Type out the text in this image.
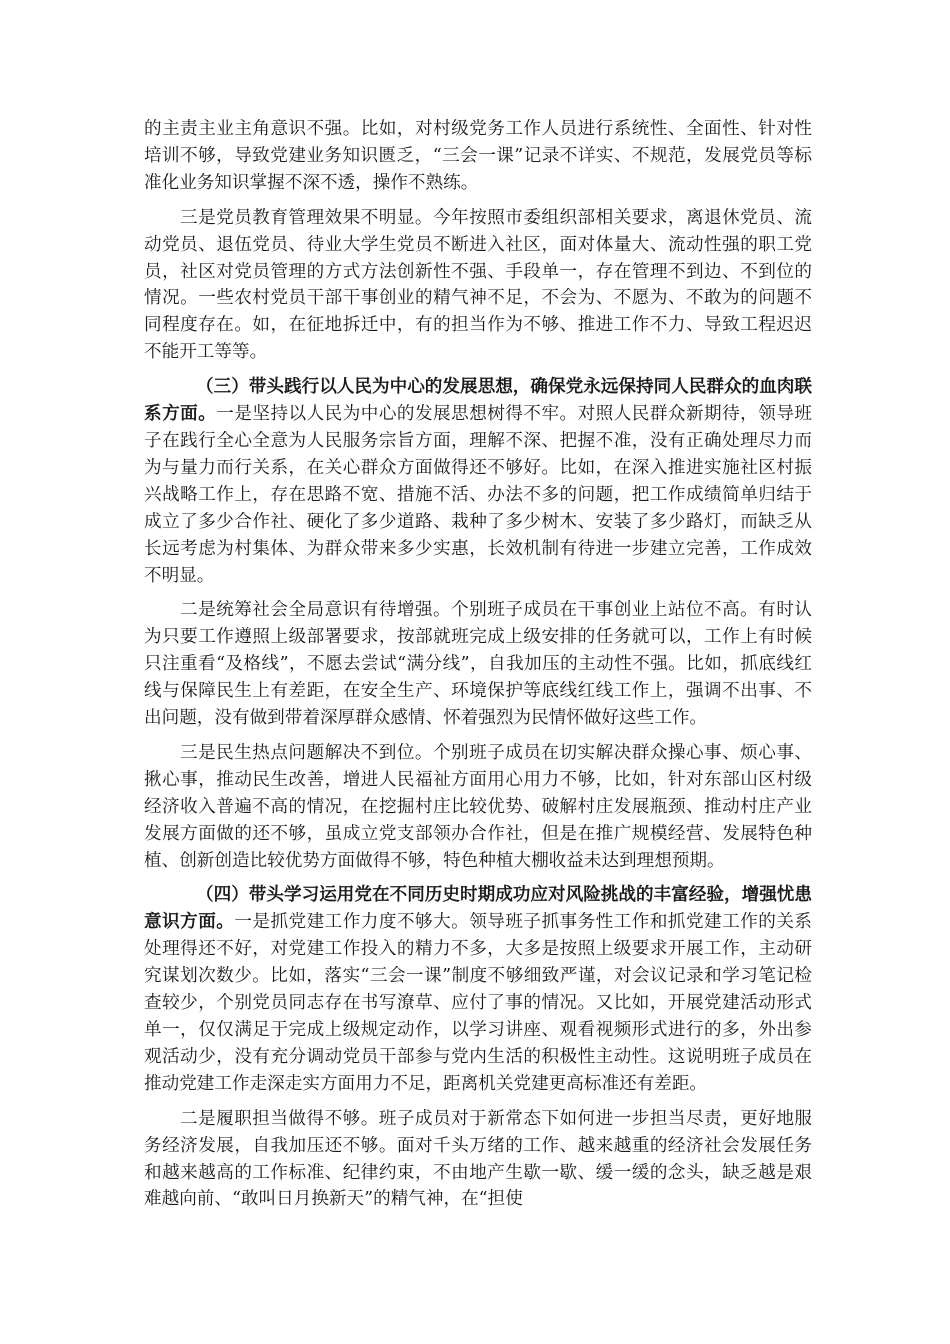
的主责主业主角意识不强。比如，对村级党务工作人员进行系统性、全面性、针对性培训不够，导致党建业务知识匮乏，“三会一课”记录不详实、不规范，发展党员等标准化业务知识掌握不深不透，操作不熟练。

三是党员教育管理效果不明显。今年按照市委组织部相关要求，离退休党员、流动党员、退伍党员、待业大学生党员不断进入社区，面对体量大、流动性强的职工党员，社区对党员管理的方式方法创新性不强、手段单一，存在管理不到边、不到位的情况。一些农村党员干部干事创业的精气神不足，不会为、不愿为、不敢为的问题不同程度存在。如，在征地拆迁中，有的担当作为不够、推进工作不力、导致工程迟迟不能开工等等。

（三）带头践行以人民为中心的发展思想，确保党永远保持同人民群众的血肉联系方面。一是坚持以人民为中心的发展思想树得不牢。对照人民群众新期待，领导班子在践行全心全意为人民服务宗旨方面，理解不深、把握不准，没有正确处理尽力而为与量力而行关系，在关心群众方面做得还不够好。比如，在深入推进实施社区村振兴战略工作上，存在思路不宽、措施不活、办法不多的问题，把工作成绩简单归结于成立了多少合作社、硬化了多少道路、栽种了多少树木、安装了多少路灯，而缺乏从长远考虑为村集体、为群众带来多少实惠，长效机制有待进一步建立完善，工作成效不明显。

二是统筹社会全局意识有待增强。个别班子成员在干事创业上站位不高。有时认为只要工作遵照上级部署要求，按部就班完成上级安排的任务就可以，工作上有时候只注重看“及格线”，不愿去尝试“满分线”，自我加压的主动性不强。比如，抓底线红线与保障民生上有差距，在安全生产、环境保护等底线红线工作上，强调不出事、不出问题，没有做到带着深厚群众感情、怀着强烈为民情怀做好这些工作。

三是民生热点问题解决不到位。个别班子成员在切实解决群众操心事、烦心事、揪心事，推动民生改善，增进人民福祉方面用心用力不够，比如，针对东部山区村级经济收入普遍不高的情况，在挖掘村庄比较优势、破解村庄发展瓶颈、推动村庄产业发展方面做的还不够，虽成立党支部领办合作社，但是在推广规模经营、发展特色种植、创新创造比较优势方面做得不够，特色种植大棚收益未达到理想预期。

（四）带头学习运用党在不同历史时期成功应对风险挑战的丰富经验，增强忧患意识方面。一是抓党建工作力度不够大。领导班子抓事务性工作和抓党建工作的关系处理得还不好，对党建工作投入的精力不多，大多是按照上级要求开展工作，主动研究谋划次数少。比如，落实“三会一课”制度不够细致严谨，对会议记录和学习笔记检查较少，个别党员同志存在书写潦草、应付了事的情况。又比如，开展党建活动形式单一，仅仅满足于完成上级规定动作，以学习讲座、观看视频形式进行的多，外出参观活动少，没有充分调动党员干部参与党内生活的积极性主动性。这说明班子成员在推动党建工作走深走实方面用力不足，距离机关党建更高标准还有差距。

二是履职担当做得不够。班子成员对于新常态下如何进一步担当尽责，更好地服务经济发展，自我加压还不够。面对千头万绪的工作、越来越重的经济社会发展任务和越来越高的工作标准、纪律约束，不由地产生歇一歇、缓一缓的念头，缺乏越是艰难越向前、“敢叫日月换新天”的精气神，在“担使
